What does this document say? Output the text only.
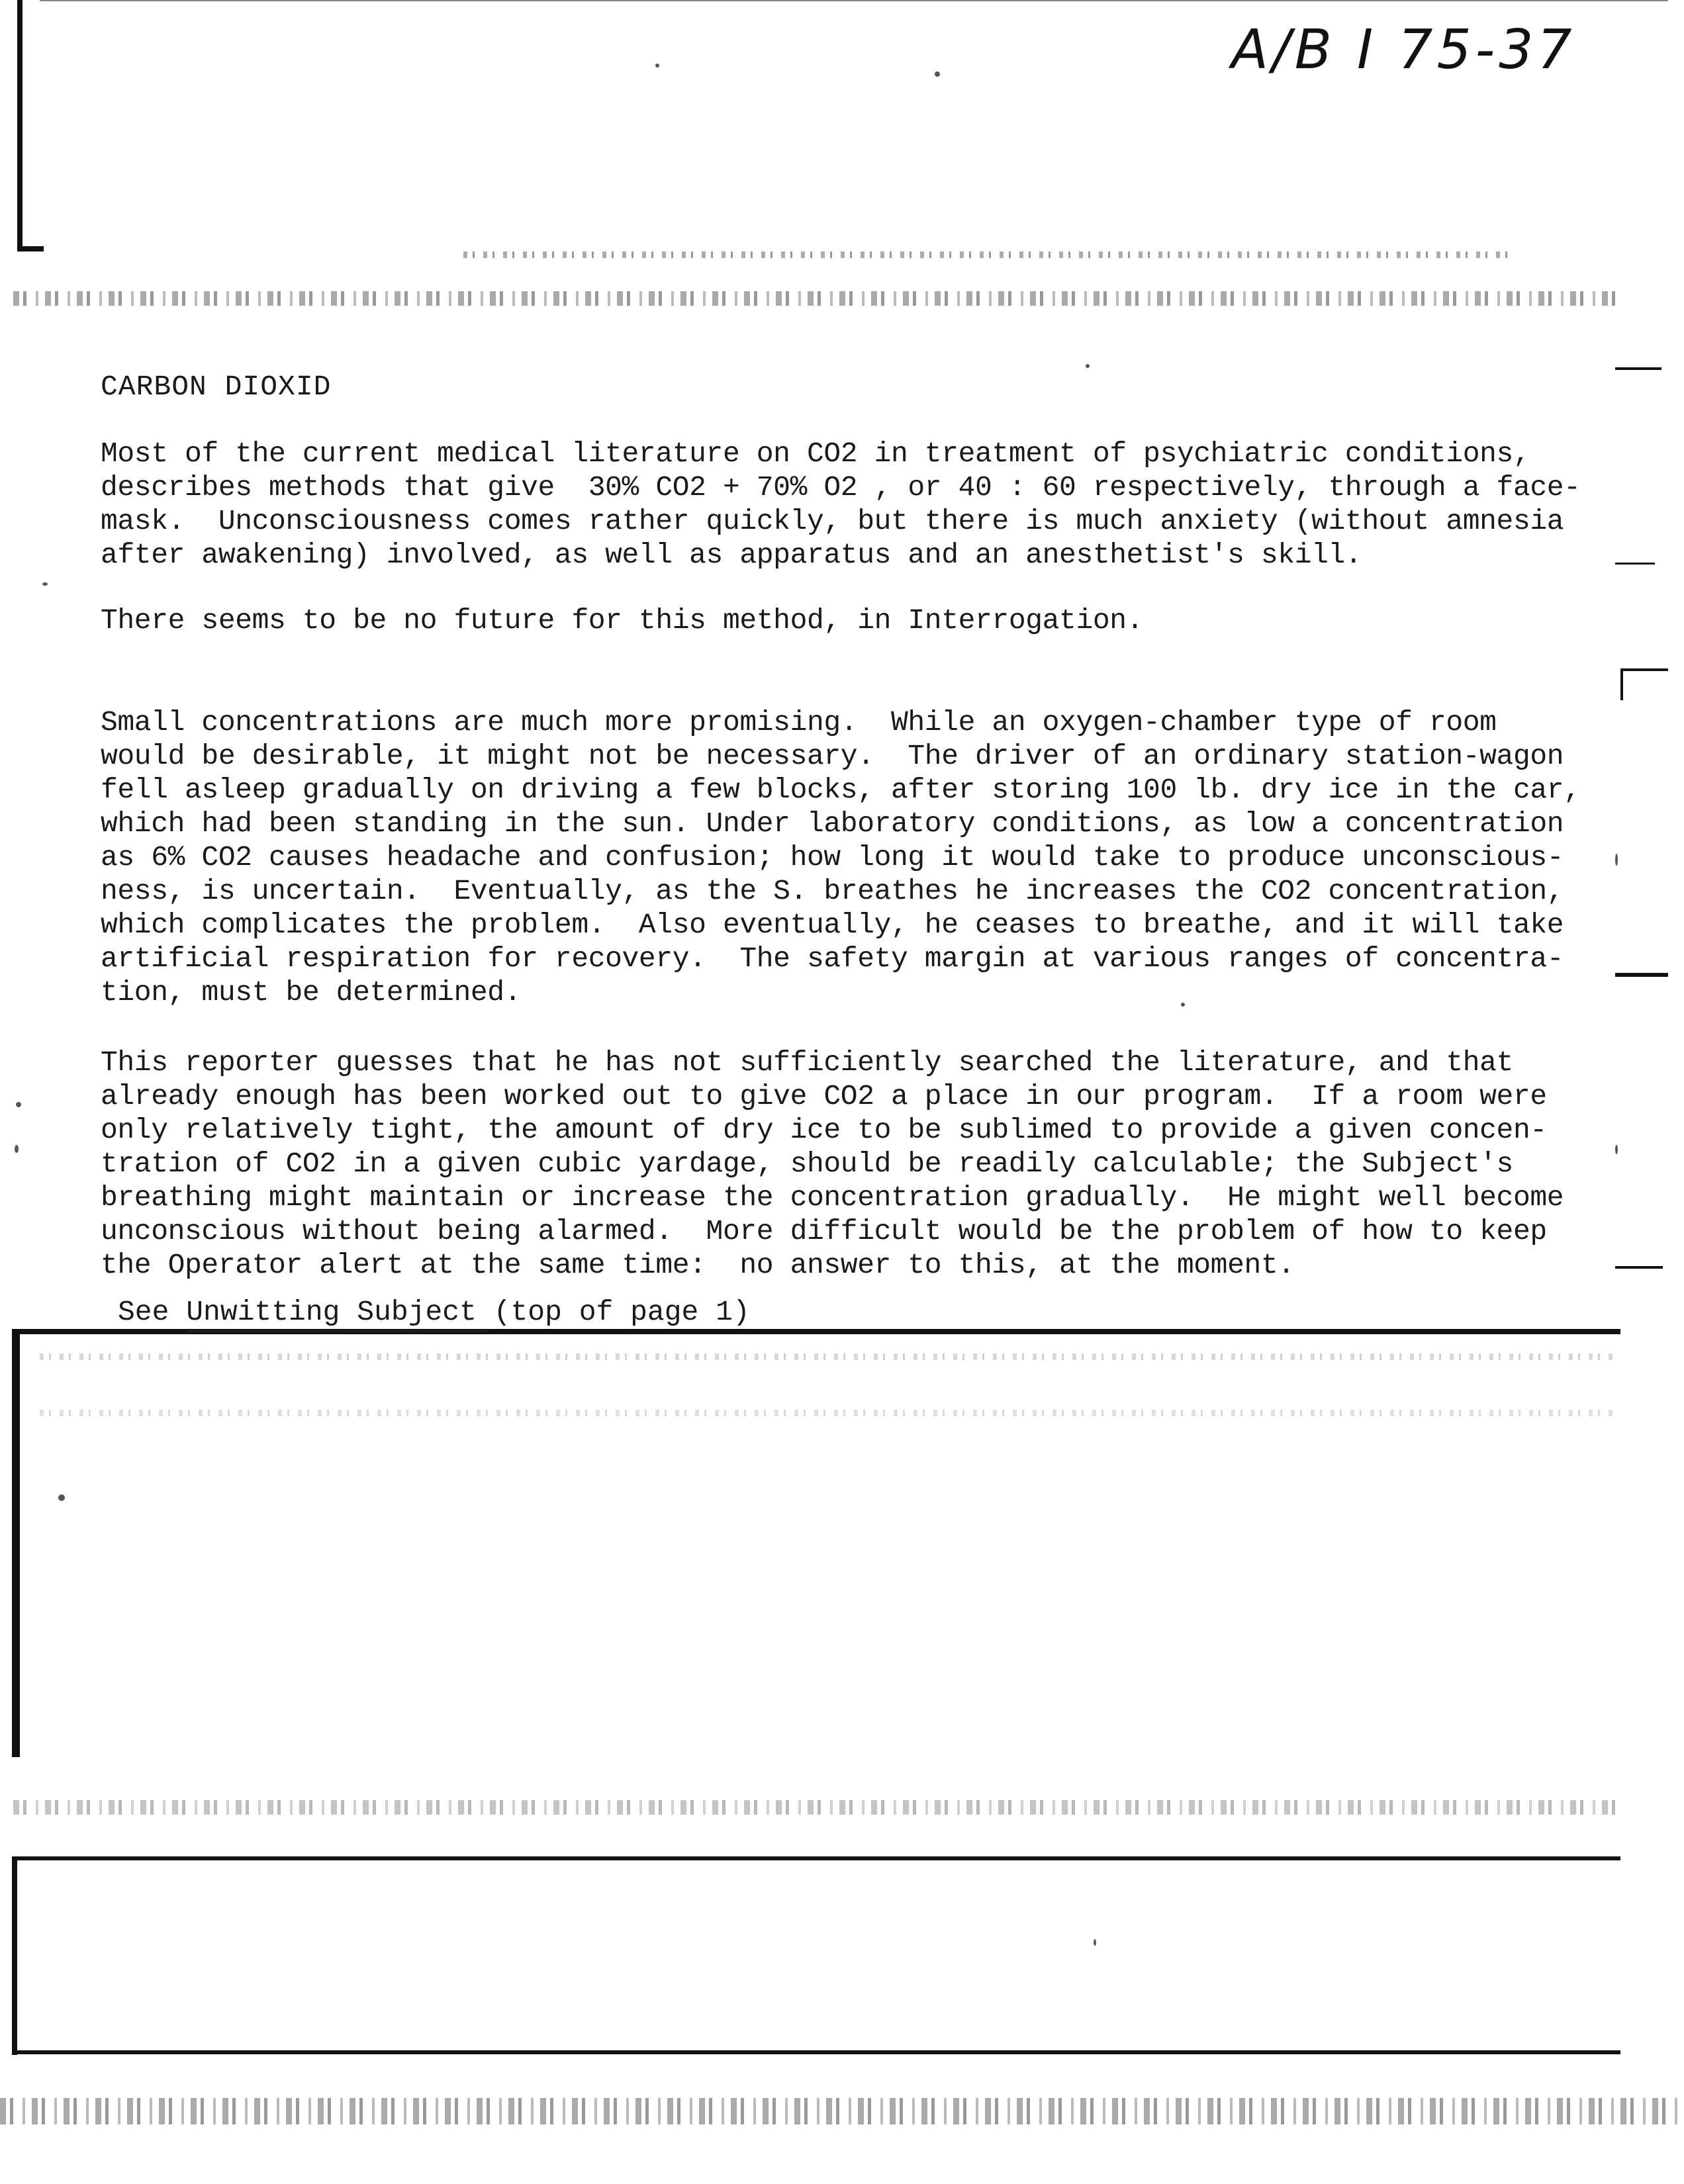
A/B I 75-37
CARBON DIOXID
Most of the current medical literature on CO2 in treatment of psychiatric conditions,
describes methods that give  30% CO2 + 70% O2 , or 40 : 60 respectively, through a face-
mask.  Unconsciousness comes rather quickly, but there is much anxiety (without amnesia
after awakening) involved, as well as apparatus and an anesthetist's skill.
There seems to be no future for this method, in Interrogation.
Small concentrations are much more promising.  While an oxygen-chamber type of room
would be desirable, it might not be necessary.  The driver of an ordinary station-wagon
fell asleep gradually on driving a few blocks, after storing 100 lb. dry ice in the car,
which had been standing in the sun. Under laboratory conditions, as low a concentration
as 6% CO2 causes headache and confusion; how long it would take to produce unconscious-
ness, is uncertain.  Eventually, as the S. breathes he increases the CO2 concentration,
which complicates the problem.  Also eventually, he ceases to breathe, and it will take
artificial respiration for recovery.  The safety margin at various ranges of concentra-
tion, must be determined.
This reporter guesses that he has not sufficiently searched the literature, and that
already enough has been worked out to give CO2 a place in our program.  If a room were
only relatively tight, the amount of dry ice to be sublimed to provide a given concen-
tration of CO2 in a given cubic yardage, should be readily calculable; the Subject's
breathing might maintain or increase the concentration gradually.  He might well become
unconscious without being alarmed.  More difficult would be the problem of how to keep
the Operator alert at the same time:  no answer to this, at the moment.
See Unwitting Subject (top of page 1)
